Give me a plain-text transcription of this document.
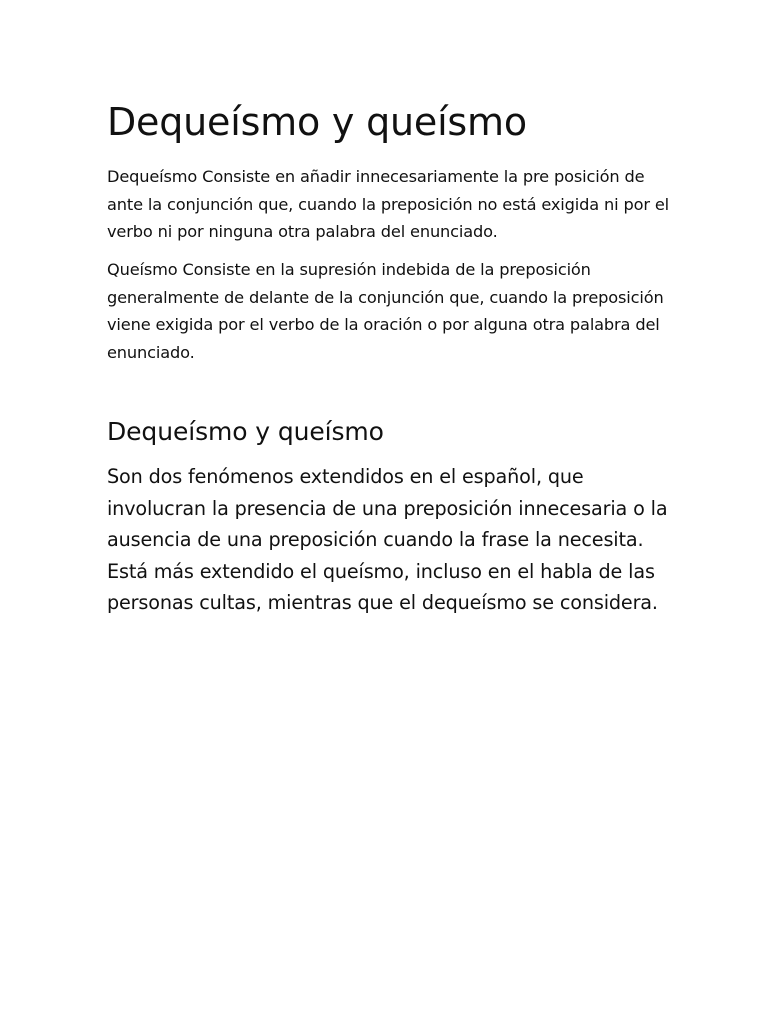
Dequeísmo y queísmo

Dequeísmo Consiste en añadir innecesariamente la pre posición de ante la conjunción que, cuando la preposición no está exigida ni por el verbo ni por ninguna otra palabra del enunciado.

Queísmo Consiste en la supresión indebida de la preposición generalmente de delante de la conjunción que, cuando la preposición viene exigida por el verbo de la oración o por alguna otra palabra del enunciado.

Dequeísmo y queísmo

Son dos fenómenos extendidos en el español, que involucran la presencia de una preposición innecesaria o la ausencia de una preposición cuando la frase la necesita. Está más extendido el queísmo, incluso en el habla de las personas cultas, mientras que el dequeísmo se considera.
